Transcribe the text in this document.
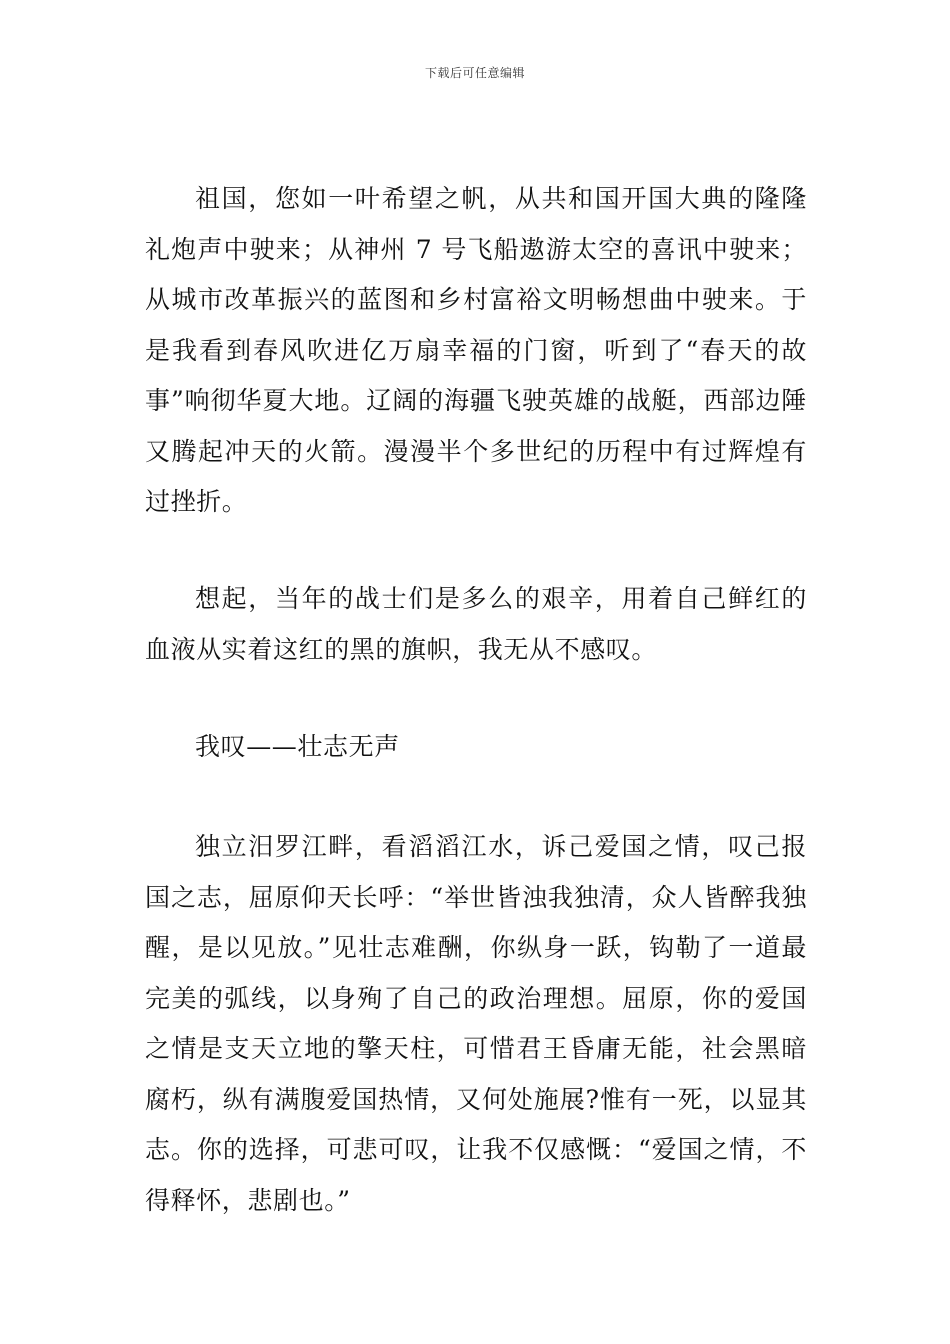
下载后可任意编辑

祖国，您如一叶希望之帆，从共和国开国大典的隆隆礼炮声中驶来；从神州 7 号飞船遨游太空的喜讯中驶来；从城市改革振兴的蓝图和乡村富裕文明畅想曲中驶来。于是我看到春风吹进亿万扇幸福的门窗，听到了“春天的故事”响彻华夏大地。辽阔的海疆飞驶英雄的战艇，西部边陲又腾起冲天的火箭。漫漫半个多世纪的历程中有过辉煌有过挫折。

想起，当年的战士们是多么的艰辛，用着自己鲜红的血液从实着这红的黑的旗帜，我无从不感叹。

我叹——壮志无声

独立汨罗江畔，看滔滔江水，诉己爱国之情，叹己报国之志，屈原仰天长呼：“举世皆浊我独清，众人皆醉我独醒，是以见放。”见壮志难酬，你纵身一跃，钩勒了一道最完美的弧线，以身殉了自己的政治理想。屈原，你的爱国之情是支天立地的擎天柱，可惜君王昏庸无能，社会黑暗腐朽，纵有满腹爱国热情，又何处施展?惟有一死，以显其志。你的选择，可悲可叹，让我不仅感慨：“爱国之情，不得释怀，悲剧也。”
